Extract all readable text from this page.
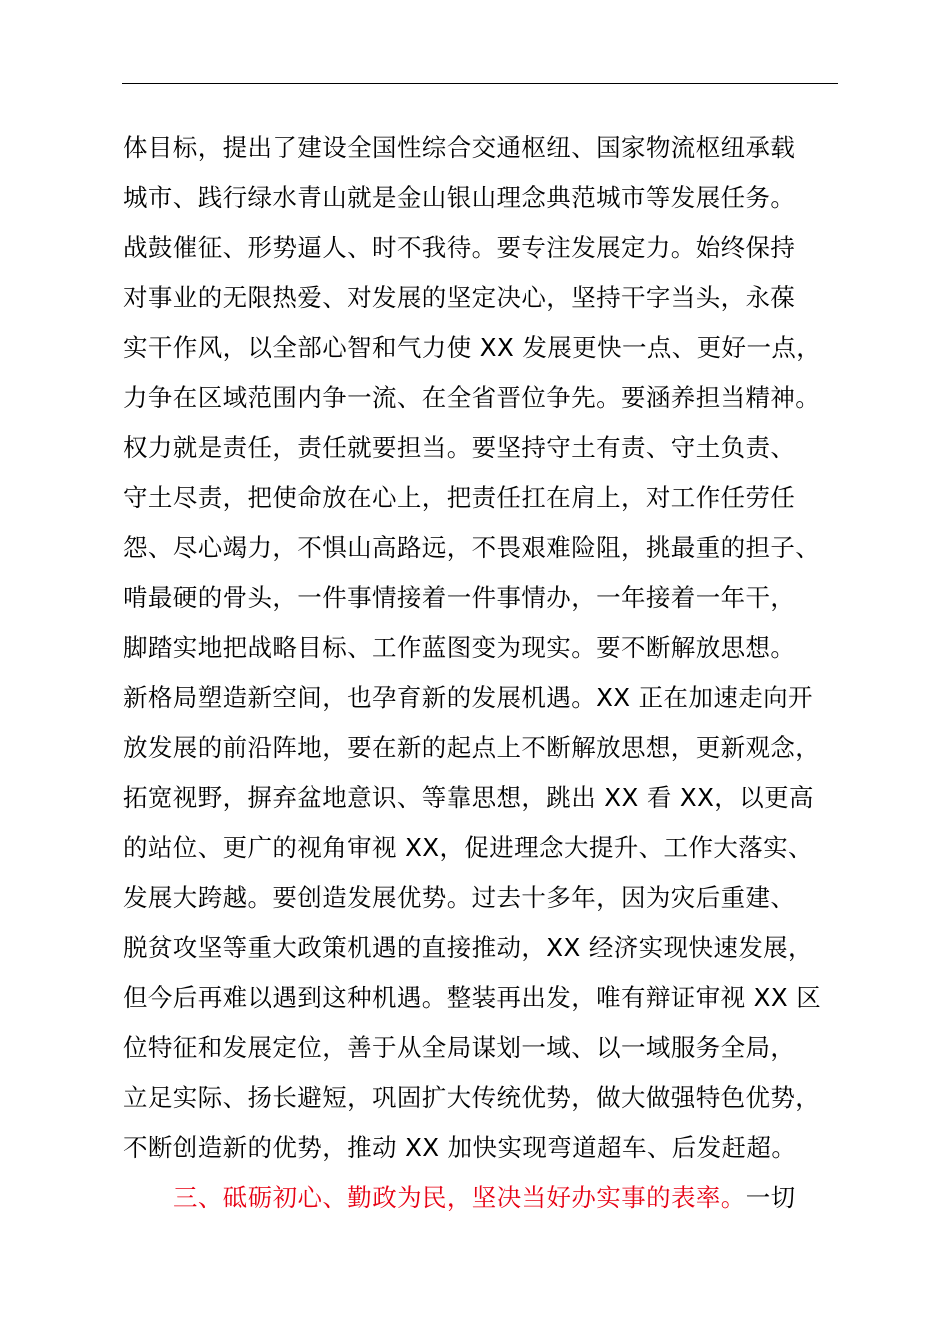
体目标，提出了建设全国性综合交通枢纽、国家物流枢纽承载
城市、践行绿水青山就是金山银山理念典范城市等发展任务。
战鼓催征、形势逼人、时不我待。要专注发展定力。始终保持
对事业的无限热爱、对发展的坚定决心，坚持干字当头，永葆
实干作风，以全部心智和气力使 XX 发展更快一点、更好一点，
力争在区域范围内争一流、在全省晋位争先。要涵养担当精神。
权力就是责任，责任就要担当。要坚持守土有责、守土负责、
守土尽责，把使命放在心上，把责任扛在肩上，对工作任劳任
怨、尽心竭力，不惧山高路远，不畏艰难险阻，挑最重的担子、
啃最硬的骨头，一件事情接着一件事情办，一年接着一年干，
脚踏实地把战略目标、工作蓝图变为现实。要不断解放思想。
新格局塑造新空间，也孕育新的发展机遇。XX 正在加速走向开
放发展的前沿阵地，要在新的起点上不断解放思想，更新观念，
拓宽视野，摒弃盆地意识、等靠思想，跳出 XX 看 XX，以更高
的站位、更广的视角审视 XX，促进理念大提升、工作大落实、
发展大跨越。要创造发展优势。过去十多年，因为灾后重建、
脱贫攻坚等重大政策机遇的直接推动，XX 经济实现快速发展，
但今后再难以遇到这种机遇。整装再出发，唯有辩证审视 XX 区
位特征和发展定位，善于从全局谋划一域、以一域服务全局，
立足实际、扬长避短，巩固扩大传统优势，做大做强特色优势，
不断创造新的优势，推动 XX 加快实现弯道超车、后发赶超。
三、砥砺初心、勤政为民，坚决当好办实事的表率。一切
